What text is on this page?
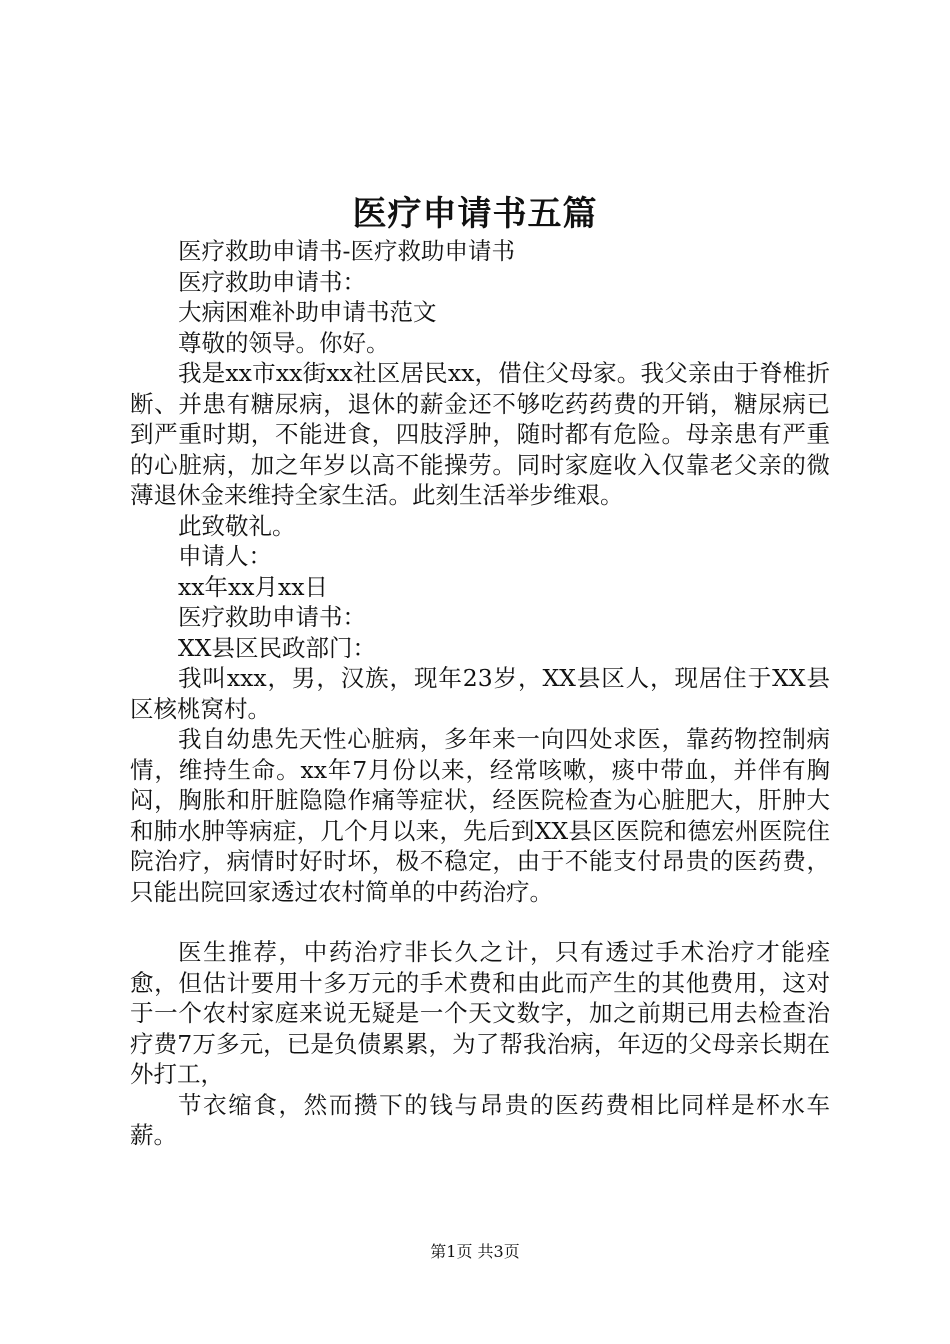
医疗申请书五篇

医疗救助申请书-医疗救助申请书

医疗救助申请书：

大病困难补助申请书范文

尊敬的领导。你好。

我是xx市xx街xx社区居民xx，借住父母家。我父亲由于脊椎折断、并患有糖尿病，退休的薪金还不够吃药药费的开销，糖尿病已到严重时期，不能进食，四肢浮肿，随时都有危险。母亲患有严重的心脏病，加之年岁以高不能操劳。同时家庭收入仅靠老父亲的微薄退休金来维持全家生活。此刻生活举步维艰。

此致敬礼。

申请人：

xx年xx月xx日

医疗救助申请书：

XX县区民政部门：

我叫xxx，男，汉族，现年23岁，XX县区人，现居住于XX县区核桃窝村。

我自幼患先天性心脏病，多年来一向四处求医，靠药物控制病情，维持生命。xx年7月份以来，经常咳嗽，痰中带血，并伴有胸闷，胸胀和肝脏隐隐作痛等症状，经医院检查为心脏肥大，肝肿大和肺水肿等病症，几个月以来，先后到XX县区医院和德宏州医院住院治疗，病情时好时坏，极不稳定，由于不能支付昂贵的医药费，只能出院回家透过农村简单的中药治疗。

医生推荐，中药治疗非长久之计，只有透过手术治疗才能痊愈，但估计要用十多万元的手术费和由此而产生的其他费用，这对于一个农村家庭来说无疑是一个天文数字，加之前期已用去检查治疗费7万多元，已是负债累累，为了帮我治病，年迈的父母亲长期在外打工，

节衣缩食，然而攒下的钱与昂贵的医药费相比同样是杯水车薪。

第1页 共3页
